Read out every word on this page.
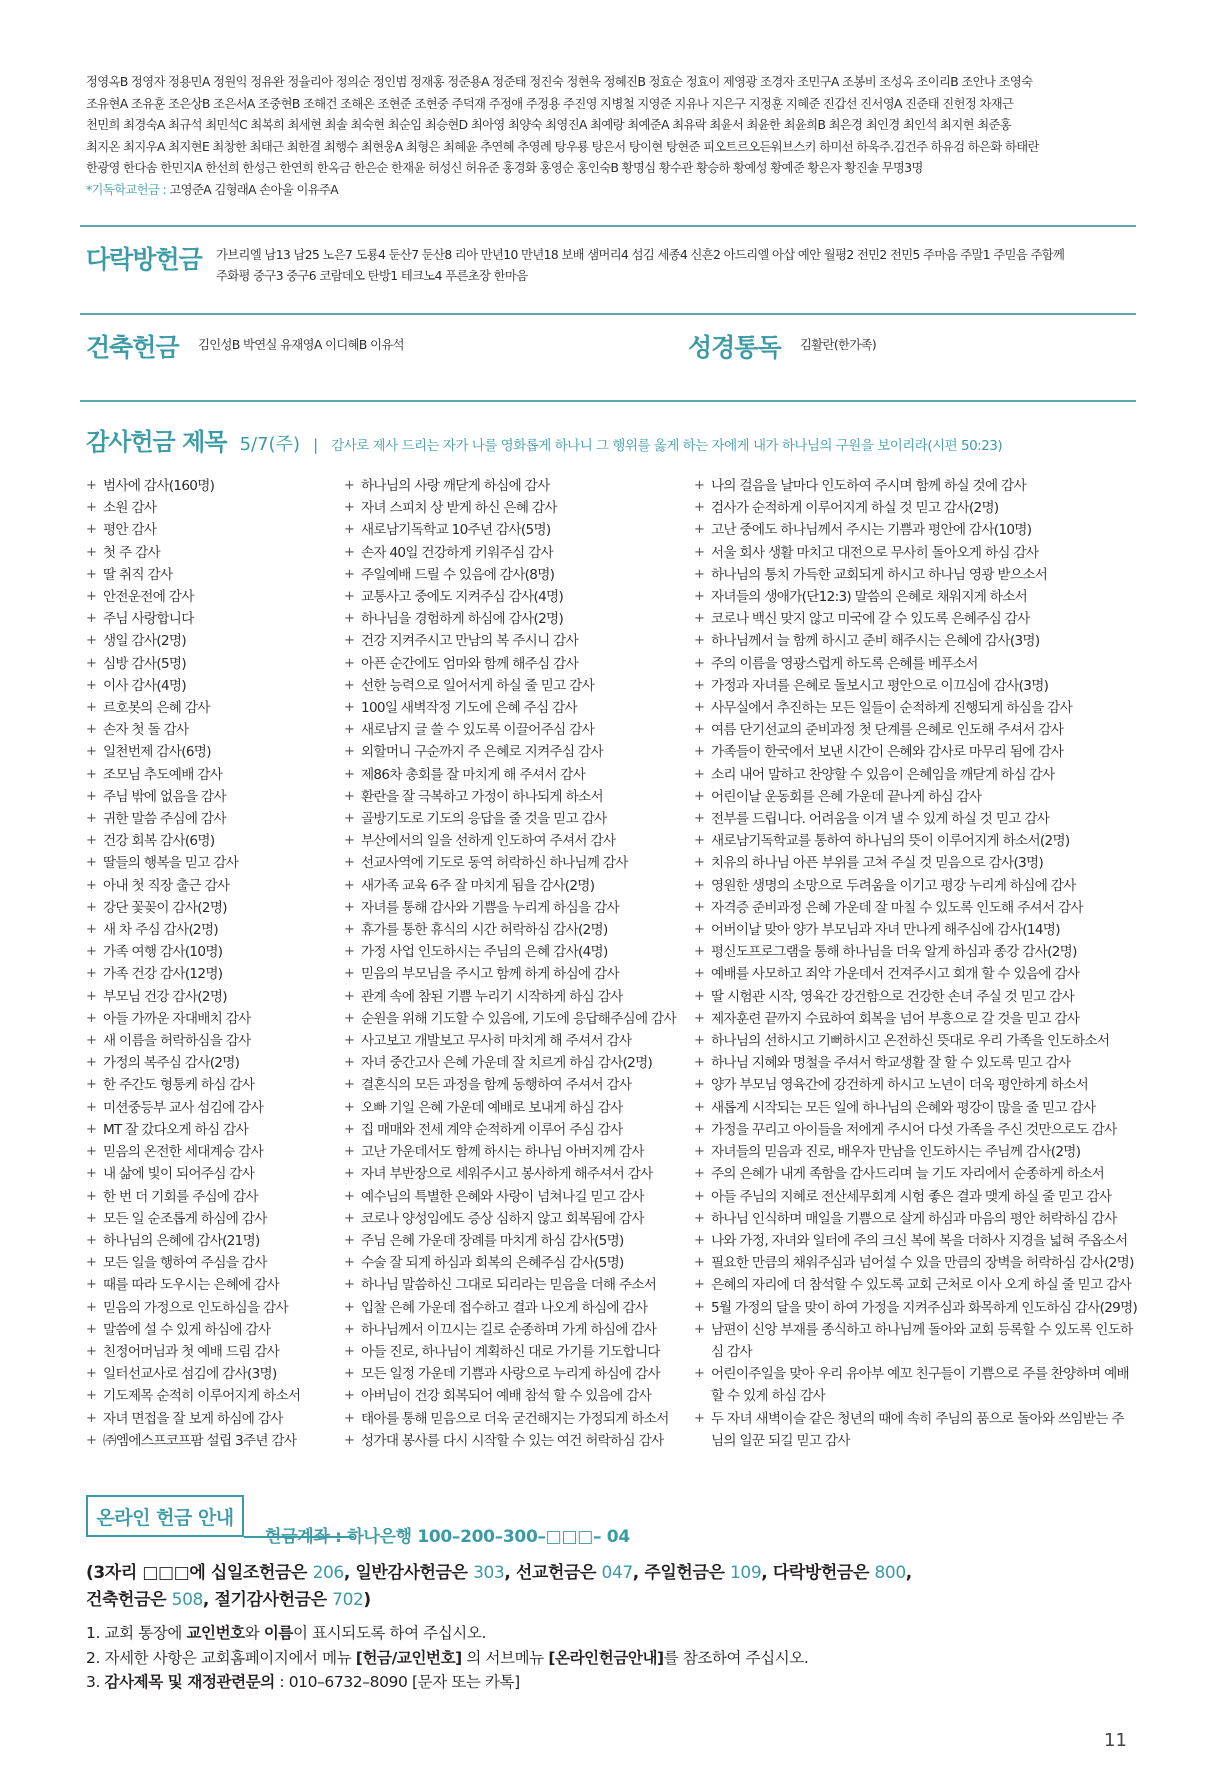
정영옥B 정영자 정용민A 정원익 정유완 정율리아 정의순 정인범 정재홍 정준용A 정준태 정진숙 정현욱 정혜진B 정효순 정효이 제영광 조경자 조민구A 조봉비 조성옥 조이리B 조안나 조영숙
조유현A 조유훈 조은상B 조은서A 조중현B 조해건 조해온 조현준 조현중 주덕재 주정애 주정용 주진영 지병철 지영준 지유나 지은구 지정훈 지혜준 진갑선 진서영A 진준태 진헌정 차재근
천민희 최경숙A 최규석 최민석C 최복희 최세현 최솔 최숙현 최순임 최승현D 최아영 최양숙 최영진A 최예랑 최예준A 최유락 최윤서 최윤한 최윤희B 최은경 최인경 최인석 최지현 최준홍
최지온 최지우A 최지현E 최창한 최태근 최한결 최행수 최현웅A 최형은 최혜윤 추연혜 추영례 탕우룡 탕은서 탕이현 탕현준 피오트르오든워브스키 하미선 하욱주.김건주 하유검 하은화 하태란
한광영 한다솜 한민지A 한선희 한성근 한연희 한옥금 한은순 한재윤 허성신 허유준 홍경화 홍영순 홍인숙B 황명심 황수관 황승하 황예성 황예준 황은자 황진솔 무명3명
*기독학교헌금 : 고영준A 김형래A 손아울 이유주A
다락방헌금 가브리엘 남13 남25 노은7 도룡4 둔산7 둔산8 리아 만년10 만년18 보배 샘머리4 섬김 세종4 신흔2 아드리엘 아삽 예안 월평2 전민2 전민5 주마음 주말1 주믿음 주함께
주화평 중구3 중구6 코람데오 탄방1 테크노4 푸른초장 한마음
건축헌금 김인성B 박연실 유재영A 이디혜B 이유석	성경통독 김활란(한가족)
감사헌금 제목 5/7(주) | 감사로 제사 드리는 자가 나를 영화롭게 하나니 그 행위를 옳게 하는 자에게 내가 하나님의 구원을 보이리라(시편 50:23)
+ 범사에 감사(160명)
+ 소원 감사
+ 평안 감사
+ 첫 주 감사
+ 딸 취직 감사
+ 안전운전에 감사
+ 주님 사랑합니다
+ 생일 감사(2명)
+ 심방 감사(5명)
+ 이사 감사(4명)
+ 르호봇의 은혜 감사
+ 손자 첫 돌 감사
+ 일천번제 감사(6명)
+ 조모님 추도예배 감사
+ 주님 밖에 없음을 감사
+ 귀한 말씀 주심에 감사
+ 건강 회복 감사(6명)
+ 딸들의 행복을 믿고 감사
+ 아내 첫 직장 출근 감사
+ 강단 꽃꽂이 감사(2명)
+ 새 차 주심 감사(2명)
+ 가족 여행 감사(10명)
+ 가족 건강 감사(12명)
+ 부모님 건강 감사(2명)
+ 아들 가까운 자대배치 감사
+ 새 이름을 허락하심을 감사
+ 가정의 복주심 감사(2명)
+ 한 주간도 형통케 하심 감사
+ 미션중등부 교사 섬김에 감사
+ MT 잘 갔다오게 하심 감사
+ 믿음의 온전한 세대계승 감사
+ 내 삶에 빛이 되어주심 감사
+ 한 번 더 기회를 주심에 감사
+ 모든 일 순조롭게 하심에 감사
+ 하나님의 은혜에 감사(21명)
+ 모든 일을 행하여 주심을 감사
+ 때를 따라 도우시는 은혜에 감사
+ 믿음의 가정으로 인도하심을 감사
+ 말씀에 설 수 있게 하심에 감사
+ 친정어머님과 첫 예배 드림 감사
+ 일터선교사로 섬김에 감사(3명)
+ 기도제목 순적히 이루어지게 하소서
+ 자녀 면접을 잘 보게 하심에 감사
+ ㈜엠에스프코프팜 설립 3주년 감사
+ 하나님의 사랑 깨닫게 하심에 감사
+ 자녀 스피치 상 받게 하신 은혜 감사
+ 새로남기독학교 10주년 감사(5명)
+ 손자 40일 건강하게 키워주심 감사
+ 주일예배 드릴 수 있음에 감사(8명)
+ 교통사고 중에도 지켜주심 감사(4명)
+ 하나님을 경험하게 하심에 감사(2명)
+ 건강 지켜주시고 만남의 복 주시니 감사
+ 아픈 순간에도 엄마와 함께 해주심 감사
+ 선한 능력으로 일어서게 하실 줄 믿고 감사
+ 100일 새벽작정 기도에 은혜 주심 감사
+ 새로남지 글 쓸 수 있도록 이끌어주심 감사
+ 외할머니 구순까지 주 은혜로 지켜주심 감사
+ 제86차 총회를 잘 마치게 해 주셔서 감사
+ 환란을 잘 극복하고 가정이 하나되게 하소서
+ 골방기도로 기도의 응답을 줄 것을 믿고 감사
+ 부산에서의 일을 선하게 인도하여 주셔서 감사
+ 선교사역에 기도로 동역 허락하신 하나님께 감사
+ 새가족 교육 6주 잘 마치게 됨을 감사(2명)
+ 자녀를 통해 감사와 기쁨을 누리게 하심을 감사
+ 휴가를 통한 휴식의 시간 허락하심 감사(2명)
+ 가정 사업 인도하시는 주님의 은혜 감사(4명)
+ 믿음의 부모님을 주시고 함께 하게 하심에 감사
+ 관계 속에 참된 기쁨 누리기 시작하게 하심 감사
+ 순원을 위해 기도할 수 있음에, 기도에 응답해주심에 감사
+ 사고보고 개발보고 무사히 마치게 해 주셔서 감사
+ 자녀 중간고사 은혜 가운데 잘 치르게 하심 감사(2명)
+ 결혼식의 모든 과정을 함께 동행하여 주셔서 감사
+ 오빠 기일 은혜 가운데 예배로 보내게 하심 감사
+ 집 매매와 전세 계약 순적하게 이루어 주심 감사
+ 고난 가운데서도 함께 하시는 하나님 아버지께 감사
+ 자녀 부반장으로 세워주시고 봉사하게 해주셔서 감사
+ 예수님의 특별한 은혜와 사랑이 넘쳐나길 믿고 감사
+ 코로나 양성임에도 증상 심하지 않고 회복됨에 감사
+ 주님 은혜 가운데 장례를 마치게 하심 감사(5명)
+ 수술 잘 되게 하심과 회복의 은혜주심 감사(5명)
+ 하나님 말씀하신 그대로 되리라는 믿음을 더해 주소서
+ 입찰 은혜 가운데 접수하고 결과 나오게 하심에 감사
+ 하나님께서 이끄시는 길로 순종하며 가게 하심에 감사
+ 아들 진로, 하나님이 계획하신 대로 가기를 기도합니다
+ 모든 일정 가운데 기쁨과 사랑으로 누리게 하심에 감사
+ 아버님이 건강 회복되어 예배 참석 할 수 있음에 감사
+ 태아를 통해 믿음으로 더욱 굳건해지는 가정되게 하소서
+ 성가대 봉사를 다시 시작할 수 있는 여건 허락하심 감사
+ 나의 걸음을 날마다 인도하여 주시며 함께 하실 것에 감사
+ 검사가 순적하게 이루어지게 하실 것 믿고 감사(2명)
+ 고난 중에도 하나님께서 주시는 기쁨과 평안에 감사(10명)
+ 서울 회사 생활 마치고 대전으로 무사히 돌아오게 하심 감사
+ 하나님의 통치 가득한 교회되게 하시고 하나님 영광 받으소서
+ 자녀들의 생애가(단12:3) 말씀의 은혜로 채워지게 하소서
+ 코로나 백신 맞지 않고 미국에 갈 수 있도록 은혜주심 감사
+ 하나님께서 늘 함께 하시고 준비 해주시는 은혜에 감사(3명)
+ 주의 이름을 영광스럽게 하도록 은혜를 베푸소서
+ 가정과 자녀를 은혜로 돌보시고 평안으로 이끄심에 감사(3명)
+ 사무실에서 추진하는 모든 일들이 순적하게 진행되게 하심을 감사
+ 여름 단기선교의 준비과정 첫 단계를 은혜로 인도해 주셔서 감사
+ 가족들이 한국에서 보낸 시간이 은혜와 감사로 마무리 됨에 감사
+ 소리 내어 말하고 찬양할 수 있음이 은혜임을 깨닫게 하심 감사
+ 어린이날 운동회를 은혜 가운데 끝나게 하심 감사
+ 전부를 드립니다. 어려움을 이겨 낼 수 있게 하실 것 믿고 감사
+ 새로남기독학교를 통하여 하나님의 뜻이 이루어지게 하소서(2명)
+ 치유의 하나님 아픈 부위를 고쳐 주실 것 믿음으로 감사(3명)
+ 영원한 생명의 소망으로 두려움을 이기고 평강 누리게 하심에 감사
+ 자격증 준비과정 은혜 가운데 잘 마칠 수 있도록 인도해 주셔서 감사
+ 어버이날 맞아 양가 부모님과 자녀 만나게 해주심에 감사(14명)
+ 평신도프로그램을 통해 하나님을 더욱 알게 하심과 종강 감사(2명)
+ 예배를 사모하고 죄악 가운데서 건져주시고 회개 할 수 있음에 감사
+ 딸 시험관 시작, 영육간 강건함으로 건강한 손녀 주실 것 믿고 감사
+ 제자훈련 끝까지 수료하여 회복을 넘어 부흥으로 갈 것을 믿고 감사
+ 하나님의 선하시고 기뻐하시고 온전하신 뜻대로 우리 가족을 인도하소서
+ 하나님 지혜와 명철을 주셔서 학교생활 잘 할 수 있도록 믿고 감사
+ 양가 부모님 영육간에 강건하게 하시고 노년이 더욱 평안하게 하소서
+ 새롭게 시작되는 모든 일에 하나님의 은혜와 평강이 많을 줄 믿고 감사
+ 가정을 꾸리고 아이들을 저에게 주시어 다섯 가족을 주신 것만으로도 감사
+ 자녀들의 믿음과 진로, 배우자 만남을 인도하시는 주님께 감사(2명)
+ 주의 은혜가 내게 족함을 감사드리며 늘 기도 자리에서 순종하게 하소서
+ 아들 주님의 지혜로 전산세무회계 시험 좋은 결과 맺게 하실 줄 믿고 감사
+ 하나님 인식하며 매일을 기쁨으로 살게 하심과 마음의 평안 허락하심 감사
+ 나와 가정, 자녀와 일터에 주의 크신 복에 복을 더하사 지경을 넓혀 주옵소서
+ 필요한 만큼의 채워주심과 넘어설 수 있을 만큼의 장벽을 허락하심 감사(2명)
+ 은혜의 자리에 더 참석할 수 있도록 교회 근처로 이사 오게 하실 줄 믿고 감사
+ 5월 가정의 달을 맞이 하여 가정을 지켜주심과 화목하게 인도하심 감사(29명)
+ 남편이 신앙 부재를 종식하고 하나님께 돌아와 교회 등록할 수 있도록 인도하심 감사
+ 어린이주일을 맞아 우리 유아부 예꼬 친구들이 기쁨으로 주를 찬양하며 예배할 수 있게 하심 감사
+ 두 자녀 새벽이슬 같은 청년의 때에 속히 주님의 품으로 돌아와 쓰임받는 주님의 일꾼 되길 믿고 감사
온라인 헌금 안내
헌금계좌 : 하나은행 100–200–300–□□□– 04
(3자리 □□□에 십일조헌금은 206, 일반감사헌금은 303, 선교헌금은 047, 주일헌금은 109, 다락방헌금은 800,
건축헌금은 508, 절기감사헌금은 702)
1. 교회 통장에 교인번호와 이름이 표시되도록 하여 주십시오.
2. 자세한 사항은 교회홈페이지에서 메뉴 [헌금/교인번호] 의 서브메뉴 [온라인헌금안내]를 참조하여 주십시오.
3. 감사제목 및 재정관련문의 : 010–6732–8090 [문자 또는 카톡]
11
